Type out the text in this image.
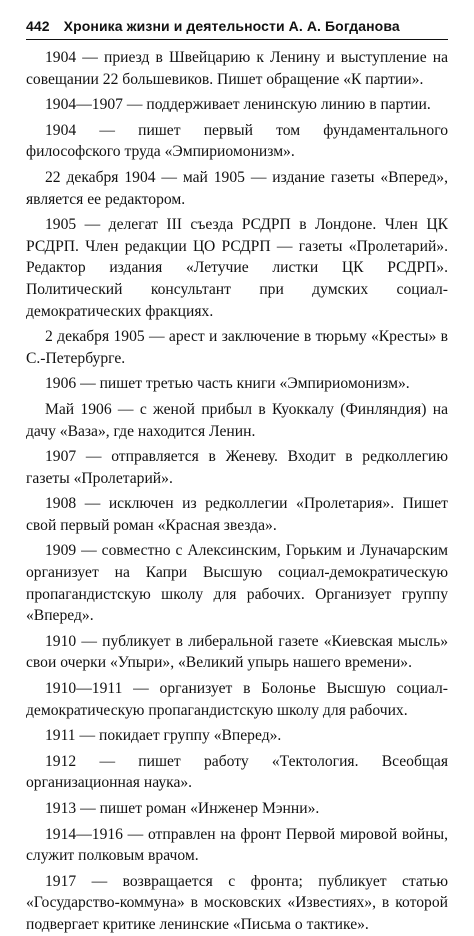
442 Хроника жизни и деятельности А. А. Богданова

1904 — приезд в Швейцарию к Ленину и выступление на совещании 22 большевиков. Пишет обращение «К партии».

1904—1907 — поддерживает ленинскую линию в партии.

1904 — пишет первый том фундаментального философского труда «Эмпириомонизм».

22 декабря 1904 — май 1905 — издание газеты «Вперед», является ее редактором.

1905 — делегат III съезда РСДРП в Лондоне. Член ЦК РСДРП. Член редакции ЦО РСДРП — газеты «Пролетарий». Редактор издания «Летучие листки ЦК РСДРП». Политический консультант при думских социал-демократических фракциях.

2 декабря 1905 — арест и заключение в тюрьму «Кресты» в С.-Петербурге.

1906 — пишет третью часть книги «Эмпириомонизм».

Май 1906 — с женой прибыл в Куоккалу (Финляндия) на дачу «Ваза», где находится Ленин.

1907 — отправляется в Женеву. Входит в редколлегию газеты «Пролетарий».

1908 — исключен из редколлегии «Пролетария». Пишет свой первый роман «Красная звезда».

1909 — совместно с Алексинским, Горьким и Луначарским организует на Капри Высшую социал-демократическую пропагандистскую школу для рабочих. Организует группу «Вперед».

1910 — публикует в либеральной газете «Киевская мысль» свои очерки «Упыри», «Великий упырь нашего времени».

1910—1911 — организует в Болонье Высшую социал-демократическую пропагандистскую школу для рабочих.

1911 — покидает группу «Вперед».

1912 — пишет работу «Тектология. Всеобщая организационная наука».

1913 — пишет роман «Инженер Мэнни».

1914—1916 — отправлен на фронт Первой мировой войны, служит полковым врачом.

1917 — возвращается с фронта; публикует статью «Государство-коммуна» в московских «Известиях», в которой подвергает критике ленинские «Письма о тактике».
